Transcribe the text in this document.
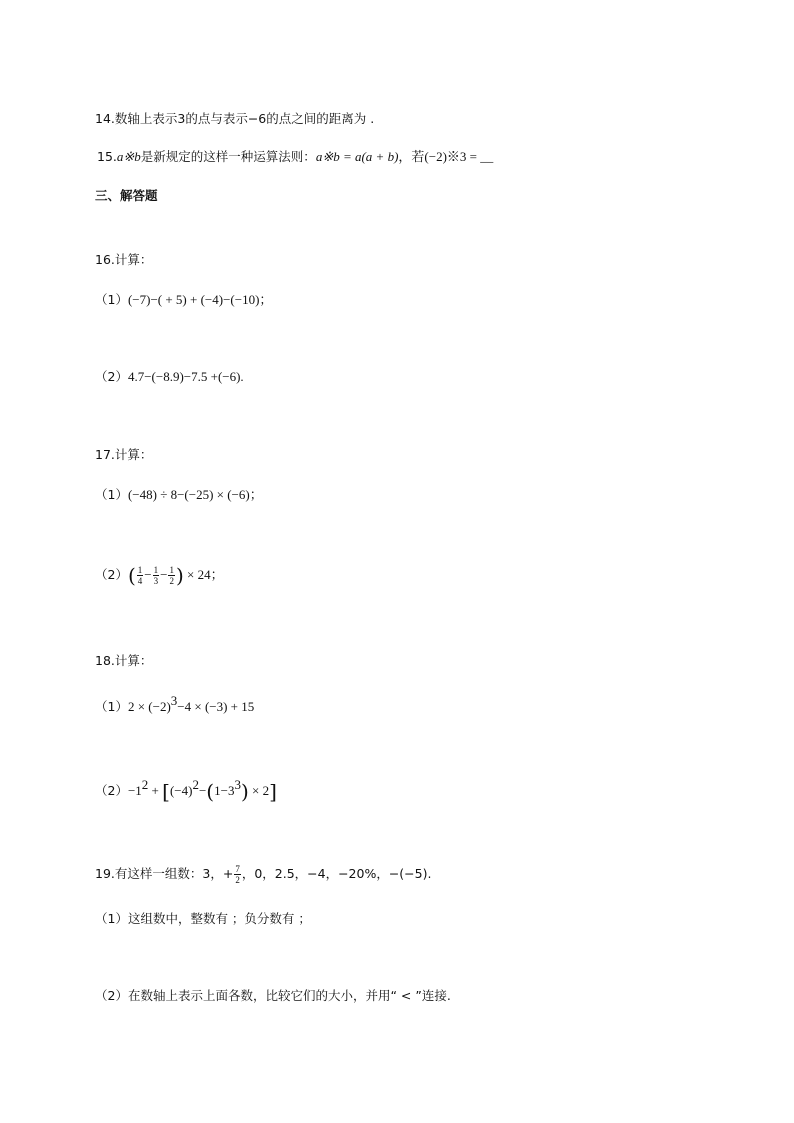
14.数轴上表示3的点与表示−6的点之间的距离为 .
15.a※b是新规定的这样一种运算法则：a※b = a(a + b)，若(−2)※3 = __
三、解答题
16.计算：
（1）(−7)−( + 5) + (−4)−(−10)；
（2）4.7−(−8.9)−7.5 +(−6).
17.计算：
（1）(−48) ÷ 8−(−25) × (−6)；
$(2)( \frac{1}{4} - \frac{1}{3} - \frac{1}{2}$ ) × 24；
18.计算：
$(1)2 \times (-2)^3-4 \times (-3) + 15$
$(2)-1^2 + [(-4)^2-(1-3^3) \times 2]$
19.有这样一组数：3，+ $\frac{7}{2}$ ，0，2.5，−4，−20%，−(−5).
（1）这组数中，整数有 ；负分数有 ；
（2）在数轴上表示上面各数，比较它们的大小，并用“ < ”连接.
